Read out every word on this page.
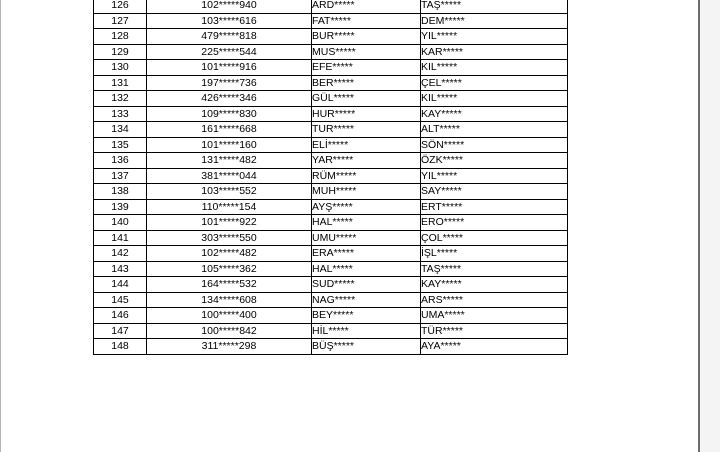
126	102*****940	ARD*****	TAŞ*****
127	103*****616	FAT*****	DEM*****
128	479*****818	BUR*****	YIL*****
129	225*****544	MUS*****	KAR*****
130	101*****916	EFE*****	KIL*****
131	197*****736	BER*****	ÇEL*****
132	426*****346	GÜL*****	KIL*****
133	109*****830	HUR*****	KAY*****
134	161*****668	TUR*****	ALT*****
135	101*****160	ELİ*****	SÖN*****
136	131*****482	YAR*****	ÖZK*****
137	381*****044	RÜM*****	YIL*****
138	103*****552	MUH*****	SAY*****
139	110*****154	AYŞ*****	ERT*****
140	101*****922	HAL*****	ERO*****
141	303*****550	UMU*****	ÇOL*****
142	102*****482	ERA*****	İŞL*****
143	105*****362	HAL*****	TAŞ*****
144	164*****532	SUD*****	KAY*****
145	134*****608	NAG*****	ARS*****
146	100*****400	BEY*****	UMA*****
147	100*****842	HİL*****	TÜR*****
148	311*****298	BÜŞ*****	AYA*****
